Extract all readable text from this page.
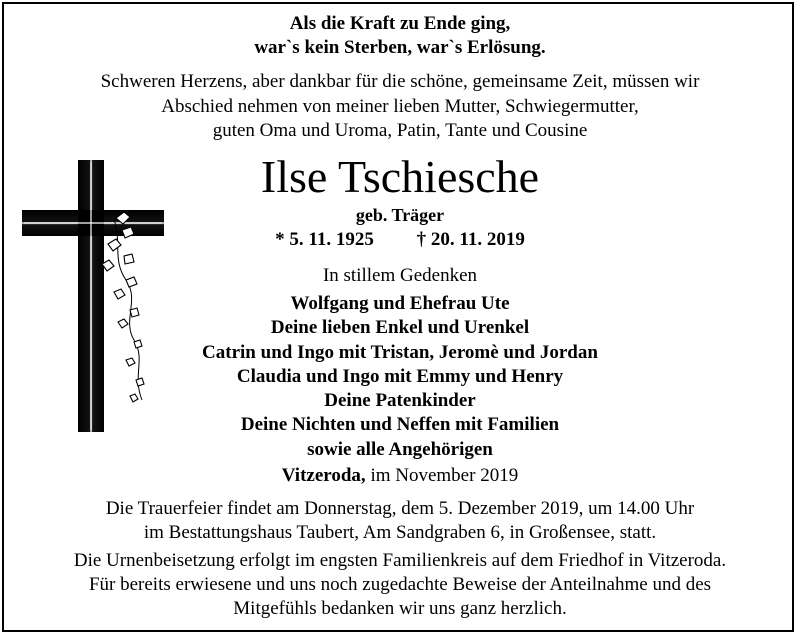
Als die Kraft zu Ende ging,
war`s kein Sterben, war`s Erlösung.
Schweren Herzens, aber dankbar für die schöne, gemeinsame Zeit, müssen wir
Abschied nehmen von meiner lieben Mutter, Schwiegermutter,
guten Oma und Uroma, Patin, Tante und Cousine
Ilse Tschiesche
geb. Träger
* 5. 11. 1925 † 20. 11. 2019
In stillem Gedenken
Wolfgang und Ehefrau Ute
Deine lieben Enkel und Urenkel
Catrin und Ingo mit Tristan, Jeromè und Jordan
Claudia und Ingo mit Emmy und Henry
Deine Patenkinder
Deine Nichten und Neffen mit Familien
sowie alle Angehörigen
Vitzeroda, im November 2019
Die Trauerfeier findet am Donnerstag, dem 5. Dezember 2019, um 14.00 Uhr
im Bestattungshaus Taubert, Am Sandgraben 6, in Großensee, statt.
Die Urnenbeisetzung erfolgt im engsten Familienkreis auf dem Friedhof in Vitzeroda.
Für bereits erwiesene und uns noch zugedachte Beweise der Anteilnahme und des
Mitgefühls bedanken wir uns ganz herzlich.
